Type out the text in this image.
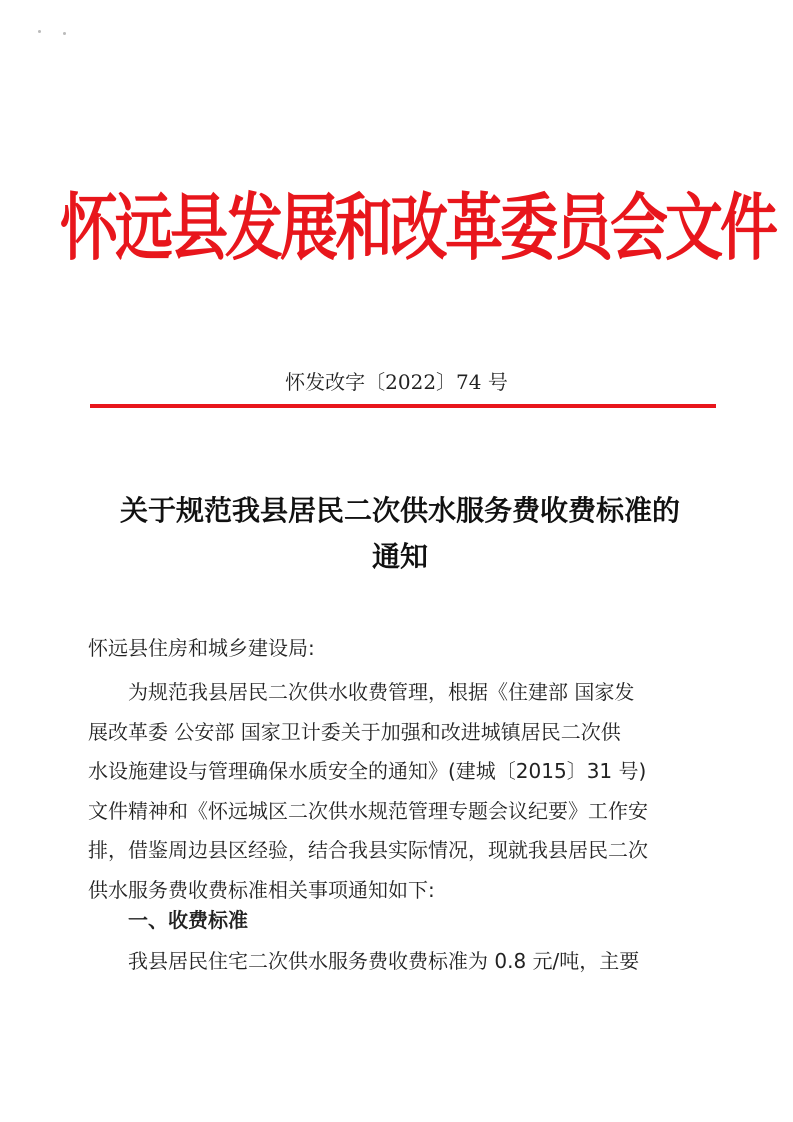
怀远县发展和改革委员会文件
怀发改字〔2022〕74 号
关于规范我县居民二次供水服务费收费标准的
通知
怀远县住房和城乡建设局:
为规范我县居民二次供水收费管理，根据《住建部 国家发
展改革委 公安部 国家卫计委关于加强和改进城镇居民二次供
水设施建设与管理确保水质安全的通知》(建城〔2015〕31 号)
文件精神和《怀远城区二次供水规范管理专题会议纪要》工作安
排，借鉴周边县区经验，结合我县实际情况，现就我县居民二次
供水服务费收费标准相关事项通知如下:
一、收费标准
我县居民住宅二次供水服务费收费标准为 0.8 元/吨，主要
